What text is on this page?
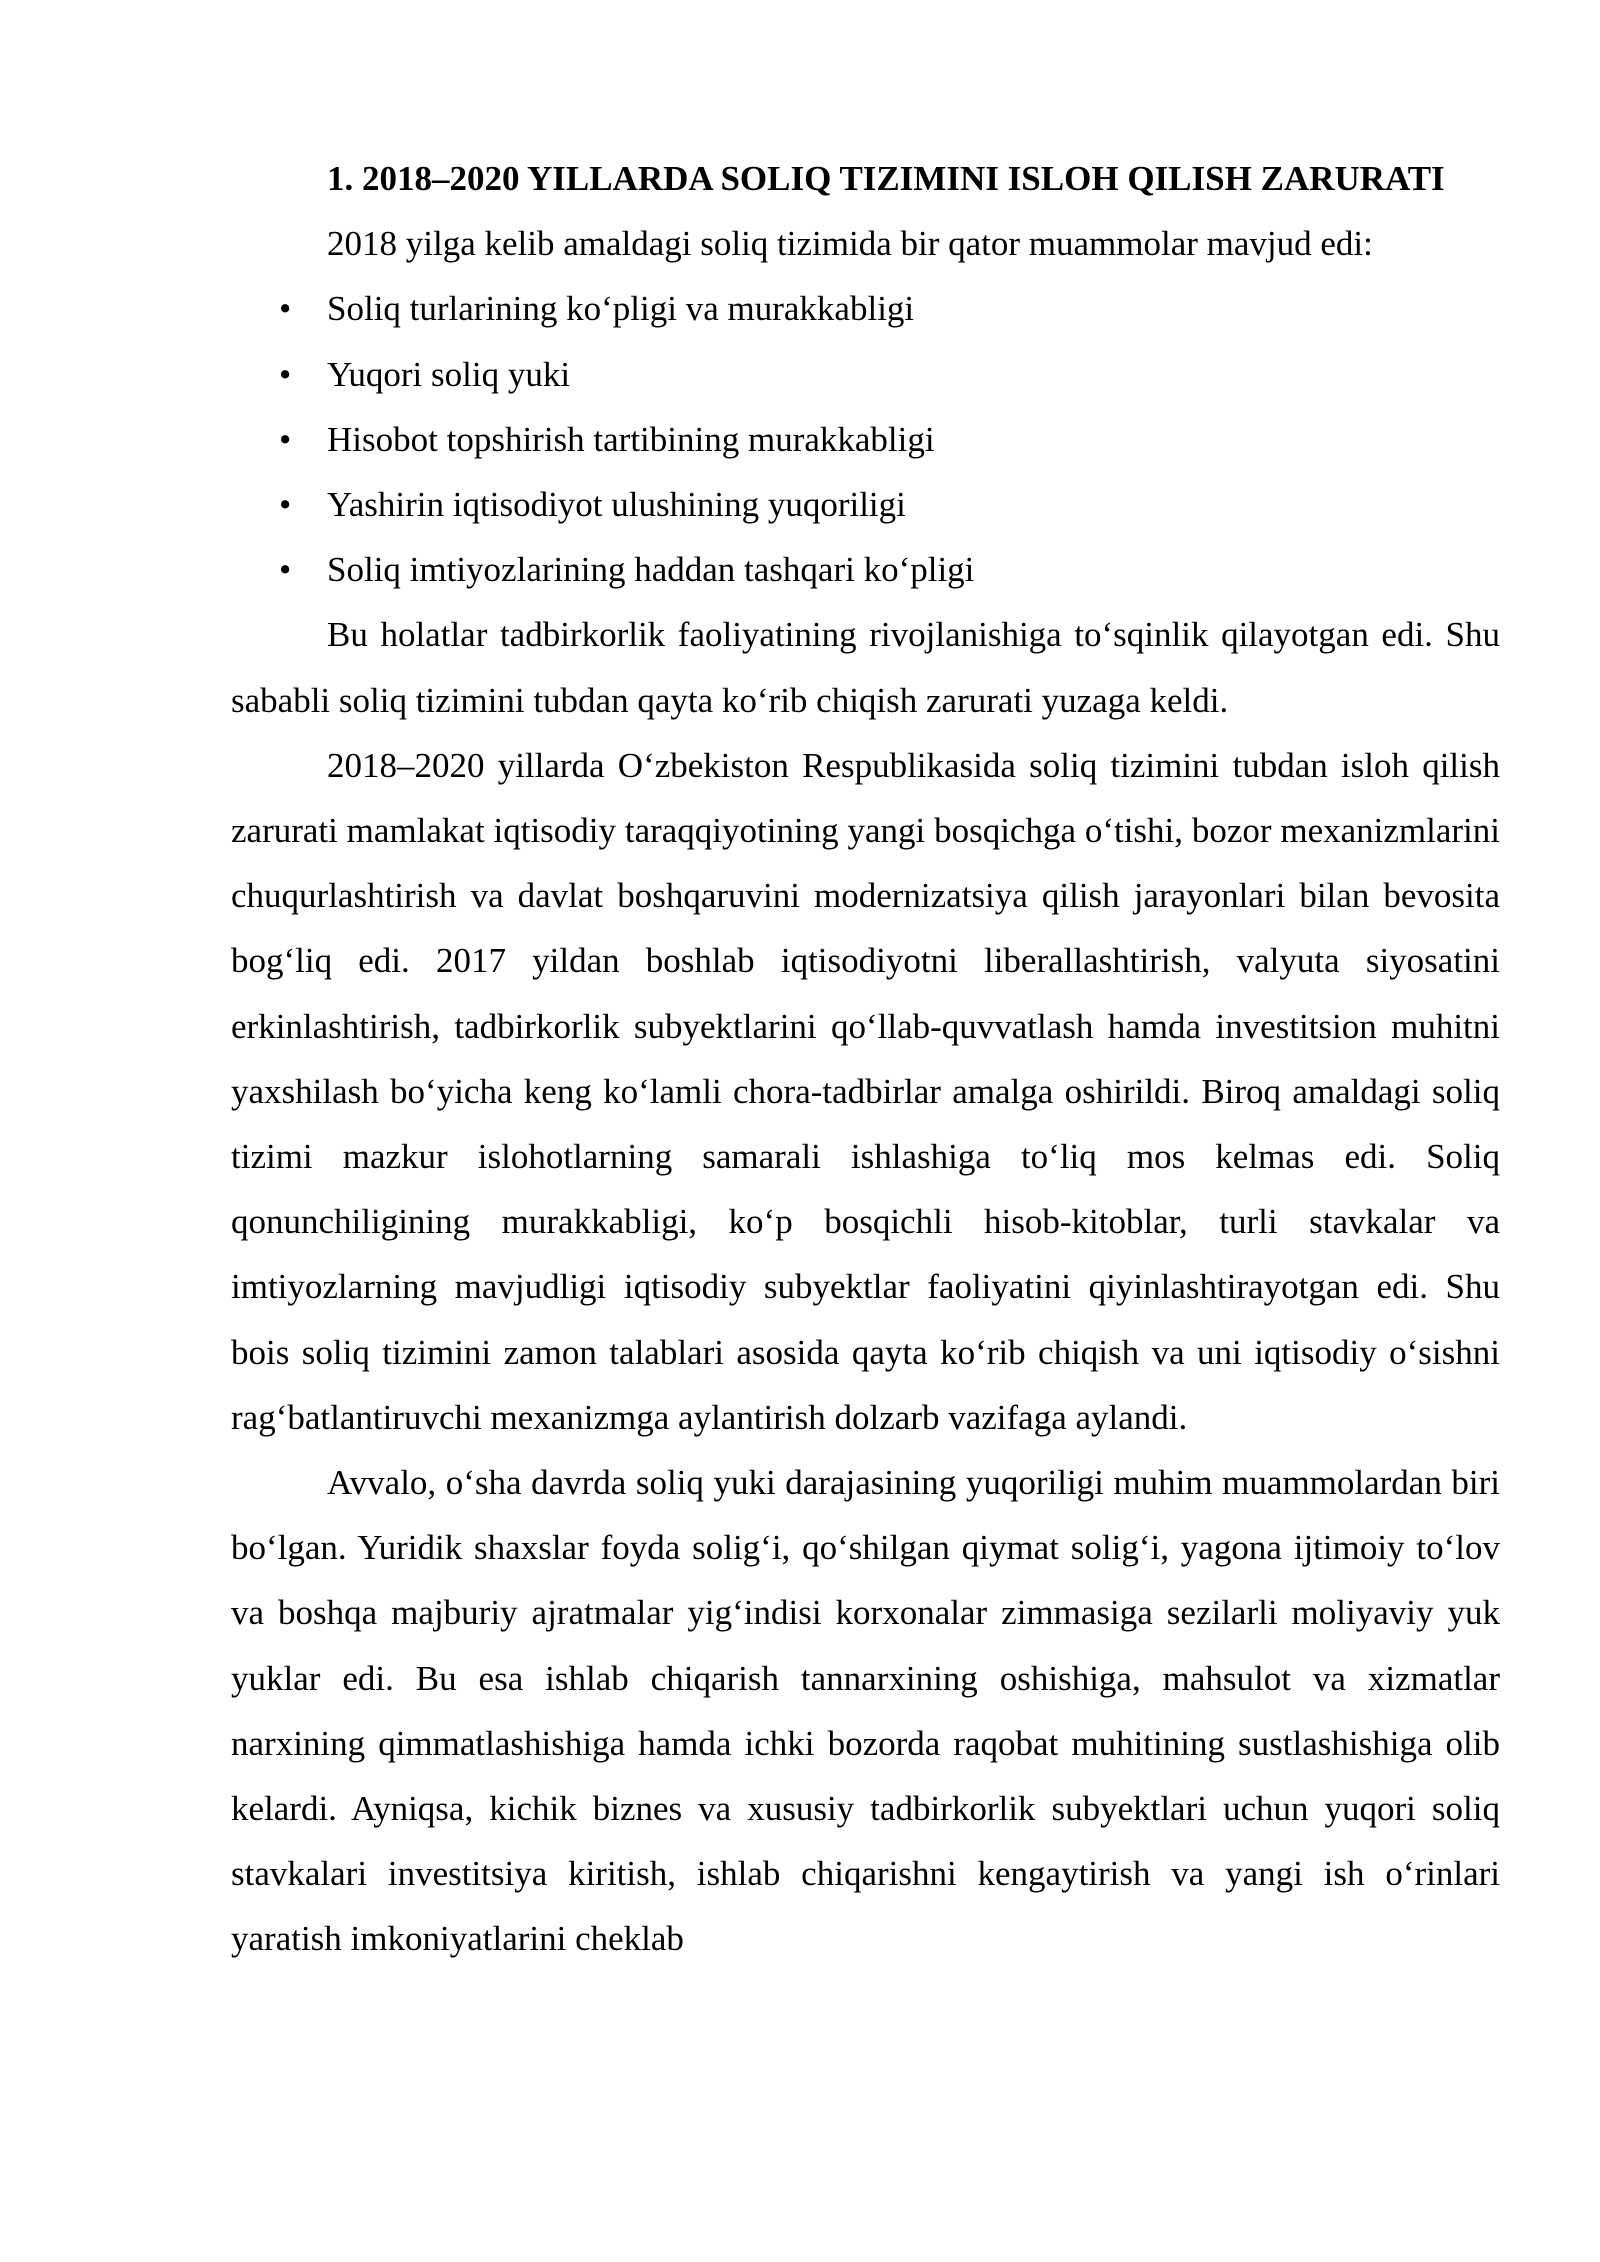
1. 2018–2020 YILLARDA SOLIQ TIZIMINI ISLOH QILISH ZARURATI

2018 yilga kelib amaldagi soliq tizimida bir qator muammolar mavjud edi:

• Soliq turlarining ko‘pligi va murakkabligi
• Yuqori soliq yuki
• Hisobot topshirish tartibining murakkabligi
• Yashirin iqtisodiyot ulushining yuqoriligi
• Soliq imtiyozlarining haddan tashqari ko‘pligi

Bu holatlar tadbirkorlik faoliyatining rivojlanishiga to‘sqinlik qilayotgan edi. Shu sababli soliq tizimini tubdan qayta ko‘rib chiqish zarurati yuzaga keldi.

2018–2020 yillarda O‘zbekiston Respublikasida soliq tizimini tubdan isloh qilish zarurati mamlakat iqtisodiy taraqqiyotining yangi bosqichga o‘tishi, bozor mexanizmlarini chuqurlashtirish va davlat boshqaruvini modernizatsiya qilish jarayonlari bilan bevosita bog‘liq edi. 2017 yildan boshlab iqtisodiyotni liberallashtirish, valyuta siyosatini erkinlashtirish, tadbirkorlik subyektlarini qo‘llab-quvvatlash hamda investitsion muhitni yaxshilash bo‘yicha keng ko‘lamli chora-tadbirlar amalga oshirildi. Biroq amaldagi soliq tizimi mazkur islohotlarning samarali ishlashiga to‘liq mos kelmas edi. Soliq qonunchiligining murakkabligi, ko‘p bosqichli hisob-kitoblar, turli stavkalar va imtiyozlarning mavjudligi iqtisodiy subyektlar faoliyatini qiyinlashtirayotgan edi. Shu bois soliq tizimini zamon talablari asosida qayta ko‘rib chiqish va uni iqtisodiy o‘sishni rag‘batlantiruvchi mexanizmga aylantirish dolzarb vazifaga aylandi.

Avvalo, o‘sha davrda soliq yuki darajasining yuqoriligi muhim muammolardan biri bo‘lgan. Yuridik shaxslar foyda solig‘i, qo‘shilgan qiymat solig‘i, yagona ijtimoiy to‘lov va boshqa majburiy ajratmalar yig‘indisi korxonalar zimmasiga sezilarli moliyaviy yuk yuklar edi. Bu esa ishlab chiqarish tannarxining oshishiga, mahsulot va xizmatlar narxining qimmatlashishiga hamda ichki bozorda raqobat muhitining sustlashishiga olib kelardi. Ayniqsa, kichik biznes va xususiy tadbirkorlik subyektlari uchun yuqori soliq stavkalari investitsiya kiritish, ishlab chiqarishni kengaytirish va yangi ish o‘rinlari yaratish imkoniyatlarini cheklab
